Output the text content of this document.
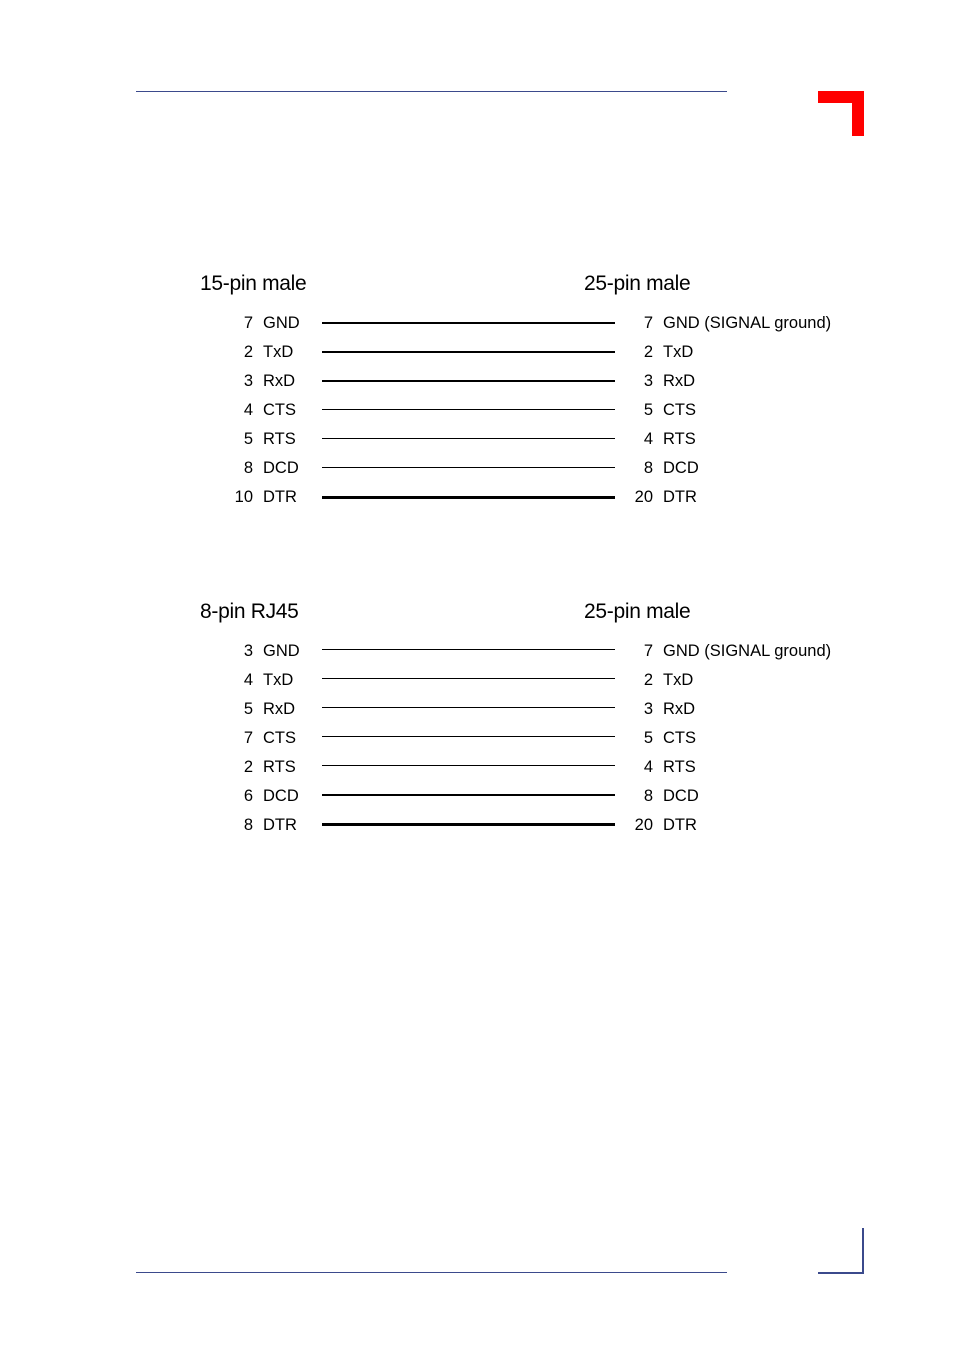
15-pin male	25-pin male
7 GND	7 GND (SIGNAL ground)
2 TxD	2 TxD
3 RxD	3 RxD
4 CTS	5 CTS
5 RTS	4 RTS
8 DCD	8 DCD
10 DTR	20 DTR
8-pin RJ45	25-pin male
3 GND	7 GND (SIGNAL ground)
4 TxD	2 TxD
5 RxD	3 RxD
7 CTS	5 CTS
2 RTS	4 RTS
6 DCD	8 DCD
8 DTR	20 DTR
